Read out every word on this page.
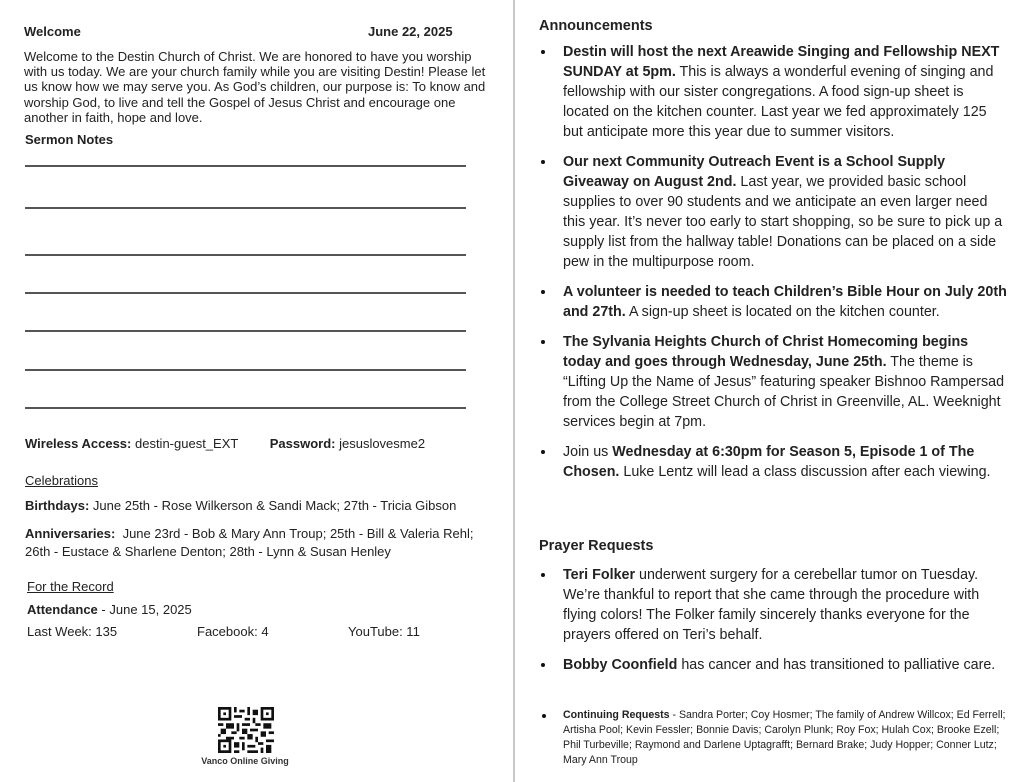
Welcome	June 22, 2025
Welcome to the Destin Church of Christ. We are honored to have you worship with us today. We are your church family while you are visiting Destin! Please let us know how we may serve you. As God’s children, our purpose is: To know and worship God, to live and tell the Gospel of Jesus Christ and encourage one another in faith, hope and love.
Sermon Notes
Wireless Access: destin-guest_EXT Password: jesuslovesme2
Celebrations
Birthdays: June 25th - Rose Wilkerson & Sandi Mack; 27th - Tricia Gibson
Anniversaries: June 23rd - Bob & Mary Ann Troup; 25th - Bill & Valeria Rehl; 26th - Eustace & Sharlene Denton; 28th - Lynn & Susan Henley
For the Record
Attendance - June 15, 2025
Last Week: 135	Facebook: 4	YouTube: 11
Vanco Online Giving
Announcements
Destin will host the next Areawide Singing and Fellowship NEXT SUNDAY at 5pm. This is always a wonderful evening of singing and fellowship with our sister congregations. A food sign-up sheet is located on the kitchen counter. Last year we fed approximately 125 but anticipate more this year due to summer visitors.
Our next Community Outreach Event is a School Supply Giveaway on August 2nd. Last year, we provided basic school supplies to over 90 students and we anticipate an even larger need this year. It’s never too early to start shopping, so be sure to pick up a supply list from the hallway table! Donations can be placed on a side pew in the multipurpose room.
A volunteer is needed to teach Children’s Bible Hour on July 20th and 27th. A sign-up sheet is located on the kitchen counter.
The Sylvania Heights Church of Christ Homecoming begins today and goes through Wednesday, June 25th. The theme is “Lifting Up the Name of Jesus” featuring speaker Bishnoo Rampersad from the College Street Church of Christ in Greenville, AL. Weeknight services begin at 7pm.
Join us Wednesday at 6:30pm for Season 5, Episode 1 of The Chosen. Luke Lentz will lead a class discussion after each viewing.
Prayer Requests
Teri Folker underwent surgery for a cerebellar tumor on Tuesday. We’re thankful to report that she came through the procedure with flying colors! The Folker family sincerely thanks everyone for the prayers offered on Teri’s behalf.
Bobby Coonfield has cancer and has transitioned to palliative care.

Continuing Requests - Sandra Porter; Coy Hosmer; The family of Andrew Willcox; Ed Ferrell; Artisha Pool; Kevin Fessler; Bonnie Davis; Carolyn Plunk; Roy Fox; Hulah Cox; Brooke Ezell; Phil Turbeville; Raymond and Darlene Uptagrafft; Bernard Brake; Judy Hopper; Conner Lutz; Mary Ann Troup
